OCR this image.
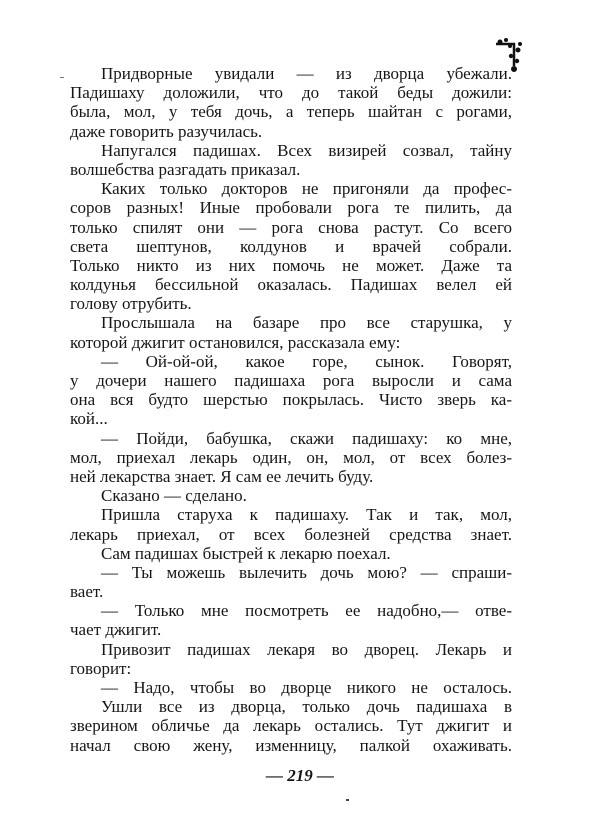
Придворные увидали — из дворца убежали.
Падишаху доложили, что до такой беды дожили:
была, мол, у тебя дочь, а теперь шайтан с рогами,
даже говорить разучилась.
Напугался падишах. Всех визирей созвал, тайну
волшебства разгадать приказал.
Каких только докторов не пригоняли да профес-
соров разных! Иные пробовали рога те пилить, да
только спилят они — рога снова растут. Со всего
света шептунов, колдунов и врачей собрали.
Только никто из них помочь не может. Даже та
колдунья бессильной оказалась. Падишах велел ей
голову отрубить.
Прослышала на базаре про все старушка, у
которой джигит остановился, рассказала ему:
— Ой-ой-ой, какое горе, сынок. Говорят,
у дочери нашего падишаха рога выросли и сама
она вся будто шерстью покрылась. Чисто зверь ка-
кой...
— Пойди, бабушка, скажи падишаху: ко мне,
мол, приехал лекарь один, он, мол, от всех болез-
ней лекарства знает. Я сам ее лечить буду.
Сказано — сделано.
Пришла старуха к падишаху. Так и так, мол,
лекарь приехал, от всех болезней средства знает.
Сам падишах быстрей к лекарю поехал.
— Ты можешь вылечить дочь мою? — спраши-
вает.
— Только мне посмотреть ее надобно,— отве-
чает джигит.
Привозит падишах лекаря во дворец. Лекарь и
говорит:
— Надо, чтобы во дворце никого не осталось.
Ушли все из дворца, только дочь падишаха в
зверином обличье да лекарь остались. Тут джигит и
начал свою жену, изменницу, палкой охаживать.
— 219 —
